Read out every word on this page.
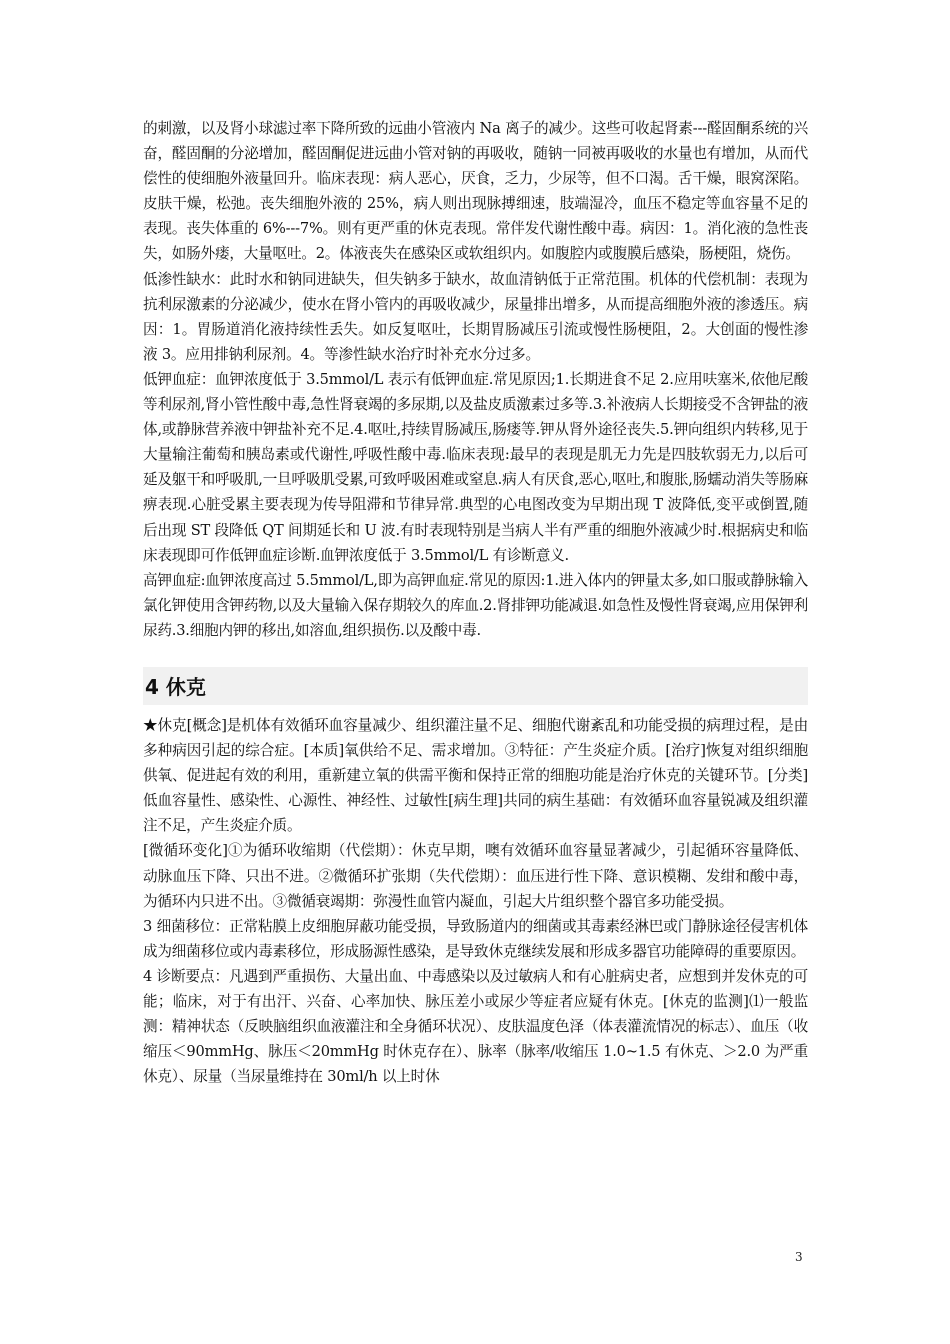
的刺激，以及肾小球滤过率下降所致的远曲小管液内 Na 离子的减少。这些可收起肾素---醛固酮系统的兴奋，醛固酮的分泌增加，醛固酮促进远曲小管对钠的再吸收，随钠一同被再吸收的水量也有增加，从而代偿性的使细胞外液量回升。临床表现：病人恶心，厌食，乏力，少尿等，但不口渴。舌干燥，眼窝深陷。皮肤干燥，松弛。丧失细胞外液的 25%，病人则出现脉搏细速，肢端湿冷，血压不稳定等血容量不足的表现。丧失体重的 6%---7%。则有更严重的休克表现。常伴发代谢性酸中毒。病因：1。消化液的急性丧失，如肠外瘘，大量呕吐。2。体液丧失在感染区或软组织内。如腹腔内或腹膜后感染，肠梗阻，烧伤。

低渗性缺水：此时水和钠同进缺失，但失钠多于缺水，故血清钠低于正常范围。机体的代偿机制：表现为抗利尿激素的分泌减少，使水在肾小管内的再吸收减少，尿量排出增多，从而提高细胞外液的渗透压。病因：1。胃肠道消化液持续性丢失。如反复呕吐，长期胃肠减压引流或慢性肠梗阻，2。大创面的慢性渗液 3。应用排钠利尿剂。4。等渗性缺水治疗时补充水分过多。

低钾血症：血钾浓度低于 3.5mmol/L 表示有低钾血症.常见原因;1.长期进食不足 2.应用呋塞米,依他尼酸等利尿剂,肾小管性酸中毒,急性肾衰竭的多尿期,以及盐皮质激素过多等.3.补液病人长期接受不含钾盐的液体,或静脉营养液中钾盐补充不足.4.呕吐,持续胃肠减压,肠瘘等.钾从肾外途径丧失.5.钾向组织内转移,见于大量输注葡萄和胰岛素或代谢性,呼吸性酸中毒.临床表现:最早的表现是肌无力先是四肢软弱无力,以后可延及躯干和呼吸肌,一旦呼吸肌受累,可致呼吸困难或窒息.病人有厌食,恶心,呕吐,和腹胀,肠蠕动消失等肠麻痹表现.心脏受累主要表现为传导阻滞和节律异常.典型的心电图改变为早期出现 T 波降低,变平或倒置,随后出现 ST 段降低 QT 间期延长和 U 波.有时表现特别是当病人半有严重的细胞外液减少时.根据病史和临床表现即可作低钾血症诊断.血钾浓度低于 3.5mmol/L 有诊断意义.

高钾血症:血钾浓度高过 5.5mmol/L,即为高钾血症.常见的原因:1.进入体内的钾量太多,如口服或静脉输入氯化钾使用含钾药物,以及大量输入保存期较久的库血.2.肾排钾功能减退.如急性及慢性肾衰竭,应用保钾利尿药.3.细胞内钾的移出,如溶血,组织损伤.以及酸中毒.

4 休克

★休克[概念]是机体有效循环血容量减少、组织灌注量不足、细胞代谢紊乱和功能受损的病理过程，是由多种病因引起的综合症。[本质]氧供给不足、需求增加。③特征：产生炎症介质。[治疗]恢复对组织细胞供氧、促进起有效的利用，重新建立氧的供需平衡和保持正常的细胞功能是治疗休克的关键环节。[分类]低血容量性、感染性、心源性、神经性、过敏性[病生理]共同的病生基础：有效循环血容量锐减及组织灌注不足，产生炎症介质。

[微循环变化]①为循环收缩期（代偿期）：休克早期，噢有效循环血容量显著减少，引起循环容量降低、动脉血压下降、只出不进。②微循环扩张期（失代偿期）：血压进行性下降、意识模糊、发绀和酸中毒，为循环内只进不出。③微循衰竭期：弥漫性血管内凝血，引起大片组织整个器官多功能受损。

3 细菌移位：正常粘膜上皮细胞屏蔽功能受损，导致肠道内的细菌或其毒素经淋巴或门静脉途径侵害机体成为细菌移位或内毒素移位，形成肠源性感染，是导致休克继续发展和形成多器官功能障碍的重要原因。

4 诊断要点：凡遇到严重损伤、大量出血、中毒感染以及过敏病人和有心脏病史者，应想到并发休克的可能；临床，对于有出汗、兴奋、心率加快、脉压差小或尿少等症者应疑有休克。[休克的监测]⑴一般监测：精神状态（反映脑组织血液灌注和全身循环状况）、皮肤温度色泽（体表灌流情况的标志）、血压（收缩压＜90mmHg、脉压＜20mmHg 时休克存在）、脉率（脉率/收缩压 1.0~1.5 有休克、＞2.0 为严重休克）、尿量（当尿量维持在 30ml/h 以上时休

3
